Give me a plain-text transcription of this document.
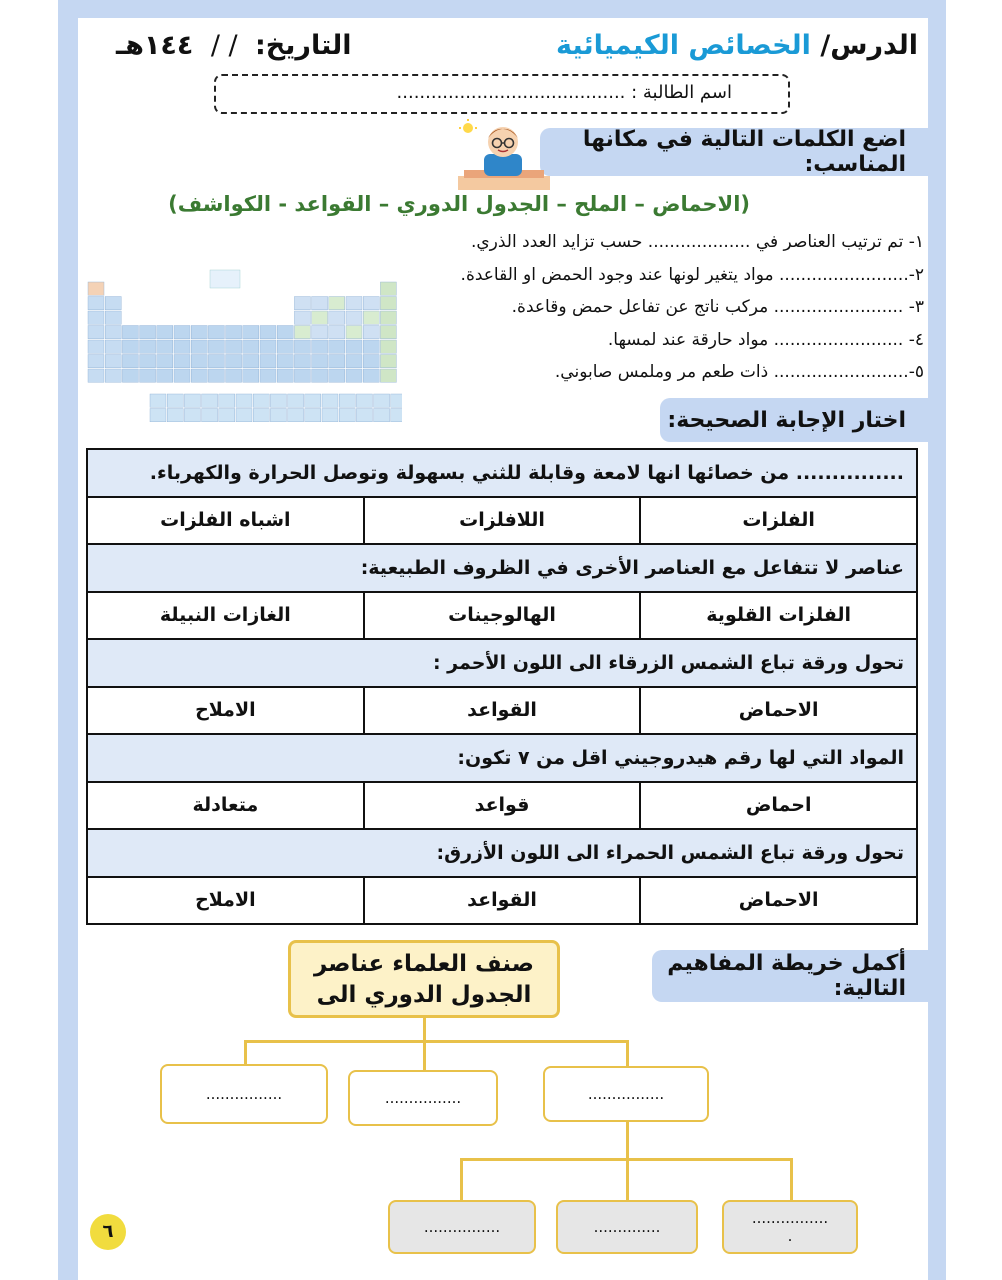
الدرس/ الخصائص الكيميائية
التاريخ: / / ١٤٤هـ
اسم الطالبة : ........................................
اضع الكلمات التالية في مكانها المناسب:
(الاحماض – الملح – الجدول الدوري – القواعد - الكواشف)
١- تم ترتيب العناصر في ................... حسب تزايد العدد الذري.
٢-........................ مواد يتغير لونها عند وجود الحمض او القاعدة.
٣- ........................ مركب ناتج عن تفاعل حمض وقاعدة.
٤- ........................ مواد حارقة عند لمسها.
٥-......................... ذات طعم مر وملمس صابوني.
اختار الإجابة الصحيحة:
............... من خصائها انها لامعة وقابلة للثني بسهولة وتوصل الحرارة والكهرباء.		
الفلزات	اللافلزات	اشباه الفلزات
عناصر لا تتفاعل مع العناصر الأخرى في الظروف الطبيعية:		
الفلزات القلوية	الهالوجينات	الغازات النبيلة
تحول ورقة تباع الشمس الزرقاء الى اللون الأحمر :		
الاحماض	القواعد	الاملاح
المواد التي لها رقم هيدروجيني اقل من ٧ تكون:		
احماض	قواعد	متعادلة
تحول ورقة تباع الشمس الحمراء الى اللون الأزرق:		
الاحماض	القواعد	الاملاح
أكمل خريطة المفاهيم التالية:
صنف العلماء عناصر
الجدول الدوري الى
................	................	................
................	..............	................
.
٦
